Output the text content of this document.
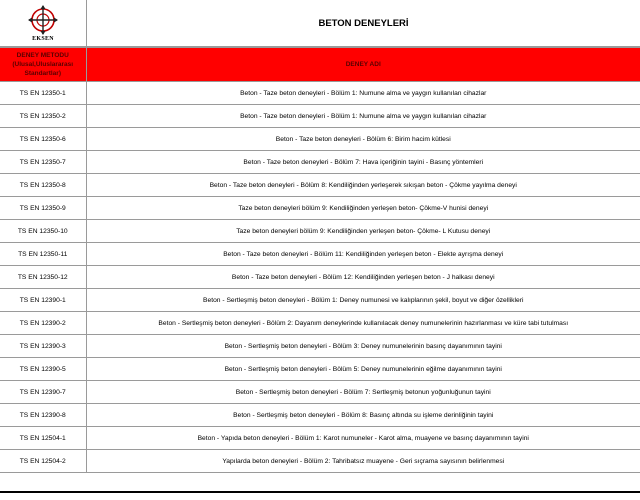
EKSEN
BETON DENEYLERİ
DENEY METODU
(Ulusal,Uluslararası
Standartlar)	DENEY ADI
TS EN 12350-1	Beton - Taze beton deneyleri - Bölüm 1: Numune alma ve yaygın kullanılan cihazlar
TS EN 12350-2	Beton - Taze beton deneyleri - Bölüm 1: Numune alma ve yaygın kullanılan cihazlar
TS EN 12350-6	Beton - Taze beton deneyleri - Bölüm 6: Birim hacim kütlesi
TS EN 12350-7	Beton - Taze beton deneyleri - Bölüm 7: Hava içeriğinin tayini - Basınç yöntemleri
TS EN 12350-8	Beton - Taze beton deneyleri - Bölüm 8: Kendiliğinden yerleşerek sıkışan beton - Çökme yayılma deneyi
TS EN 12350-9	Taze beton deneyleri bölüm 9: Kendiliğinden yerleşen beton- Çökme-V hunisi deneyi
TS EN 12350-10	Taze beton deneyleri bölüm 9: Kendiliğinden yerleşen beton- Çökme- L Kutusu deneyi
TS EN 12350-11	Beton - Taze beton deneyleri - Bölüm 11: Kendiliğinden yerleşen beton - Elekte ayrışma deneyi
TS EN 12350-12	Beton - Taze beton deneyleri - Bölüm 12: Kendiliğinden yerleşen beton - J halkası deneyi
TS EN 12390-1	Beton - Sertleşmiş beton deneyleri - Bölüm 1: Deney numunesi ve kalıplarının şekil, boyut ve diğer özellikleri
TS EN 12390-2	Beton - Sertleşmiş beton deneyleri - Bölüm 2: Dayanım deneylerinde kullanılacak deney numunelerinin hazırlanması ve küre tabi tutulması
TS EN 12390-3	Beton - Sertleşmiş beton deneyleri - Bölüm 3: Deney numunelerinin basınç dayanımının tayini
TS EN 12390-5	Beton - Sertleşmiş beton deneyleri - Bölüm 5: Deney numunelerinin eğilme dayanımının tayini
TS EN 12390-7	Beton - Sertleşmiş beton deneyleri - Bölüm 7: Sertleşmiş betonun yoğunluğunun tayini
TS EN 12390-8	Beton - Sertleşmiş beton deneyleri - Bölüm 8: Basınç altında su işleme derinliğinin tayini
TS EN 12504-1	Beton - Yapıda beton deneyleri - Bölüm 1: Karot numuneler - Karot alma, muayene ve basınç dayanımının tayini
TS EN 12504-2	Yapılarda beton deneyleri - Bölüm 2: Tahribatsız muayene - Geri sıçrama sayısının belirlenmesi
